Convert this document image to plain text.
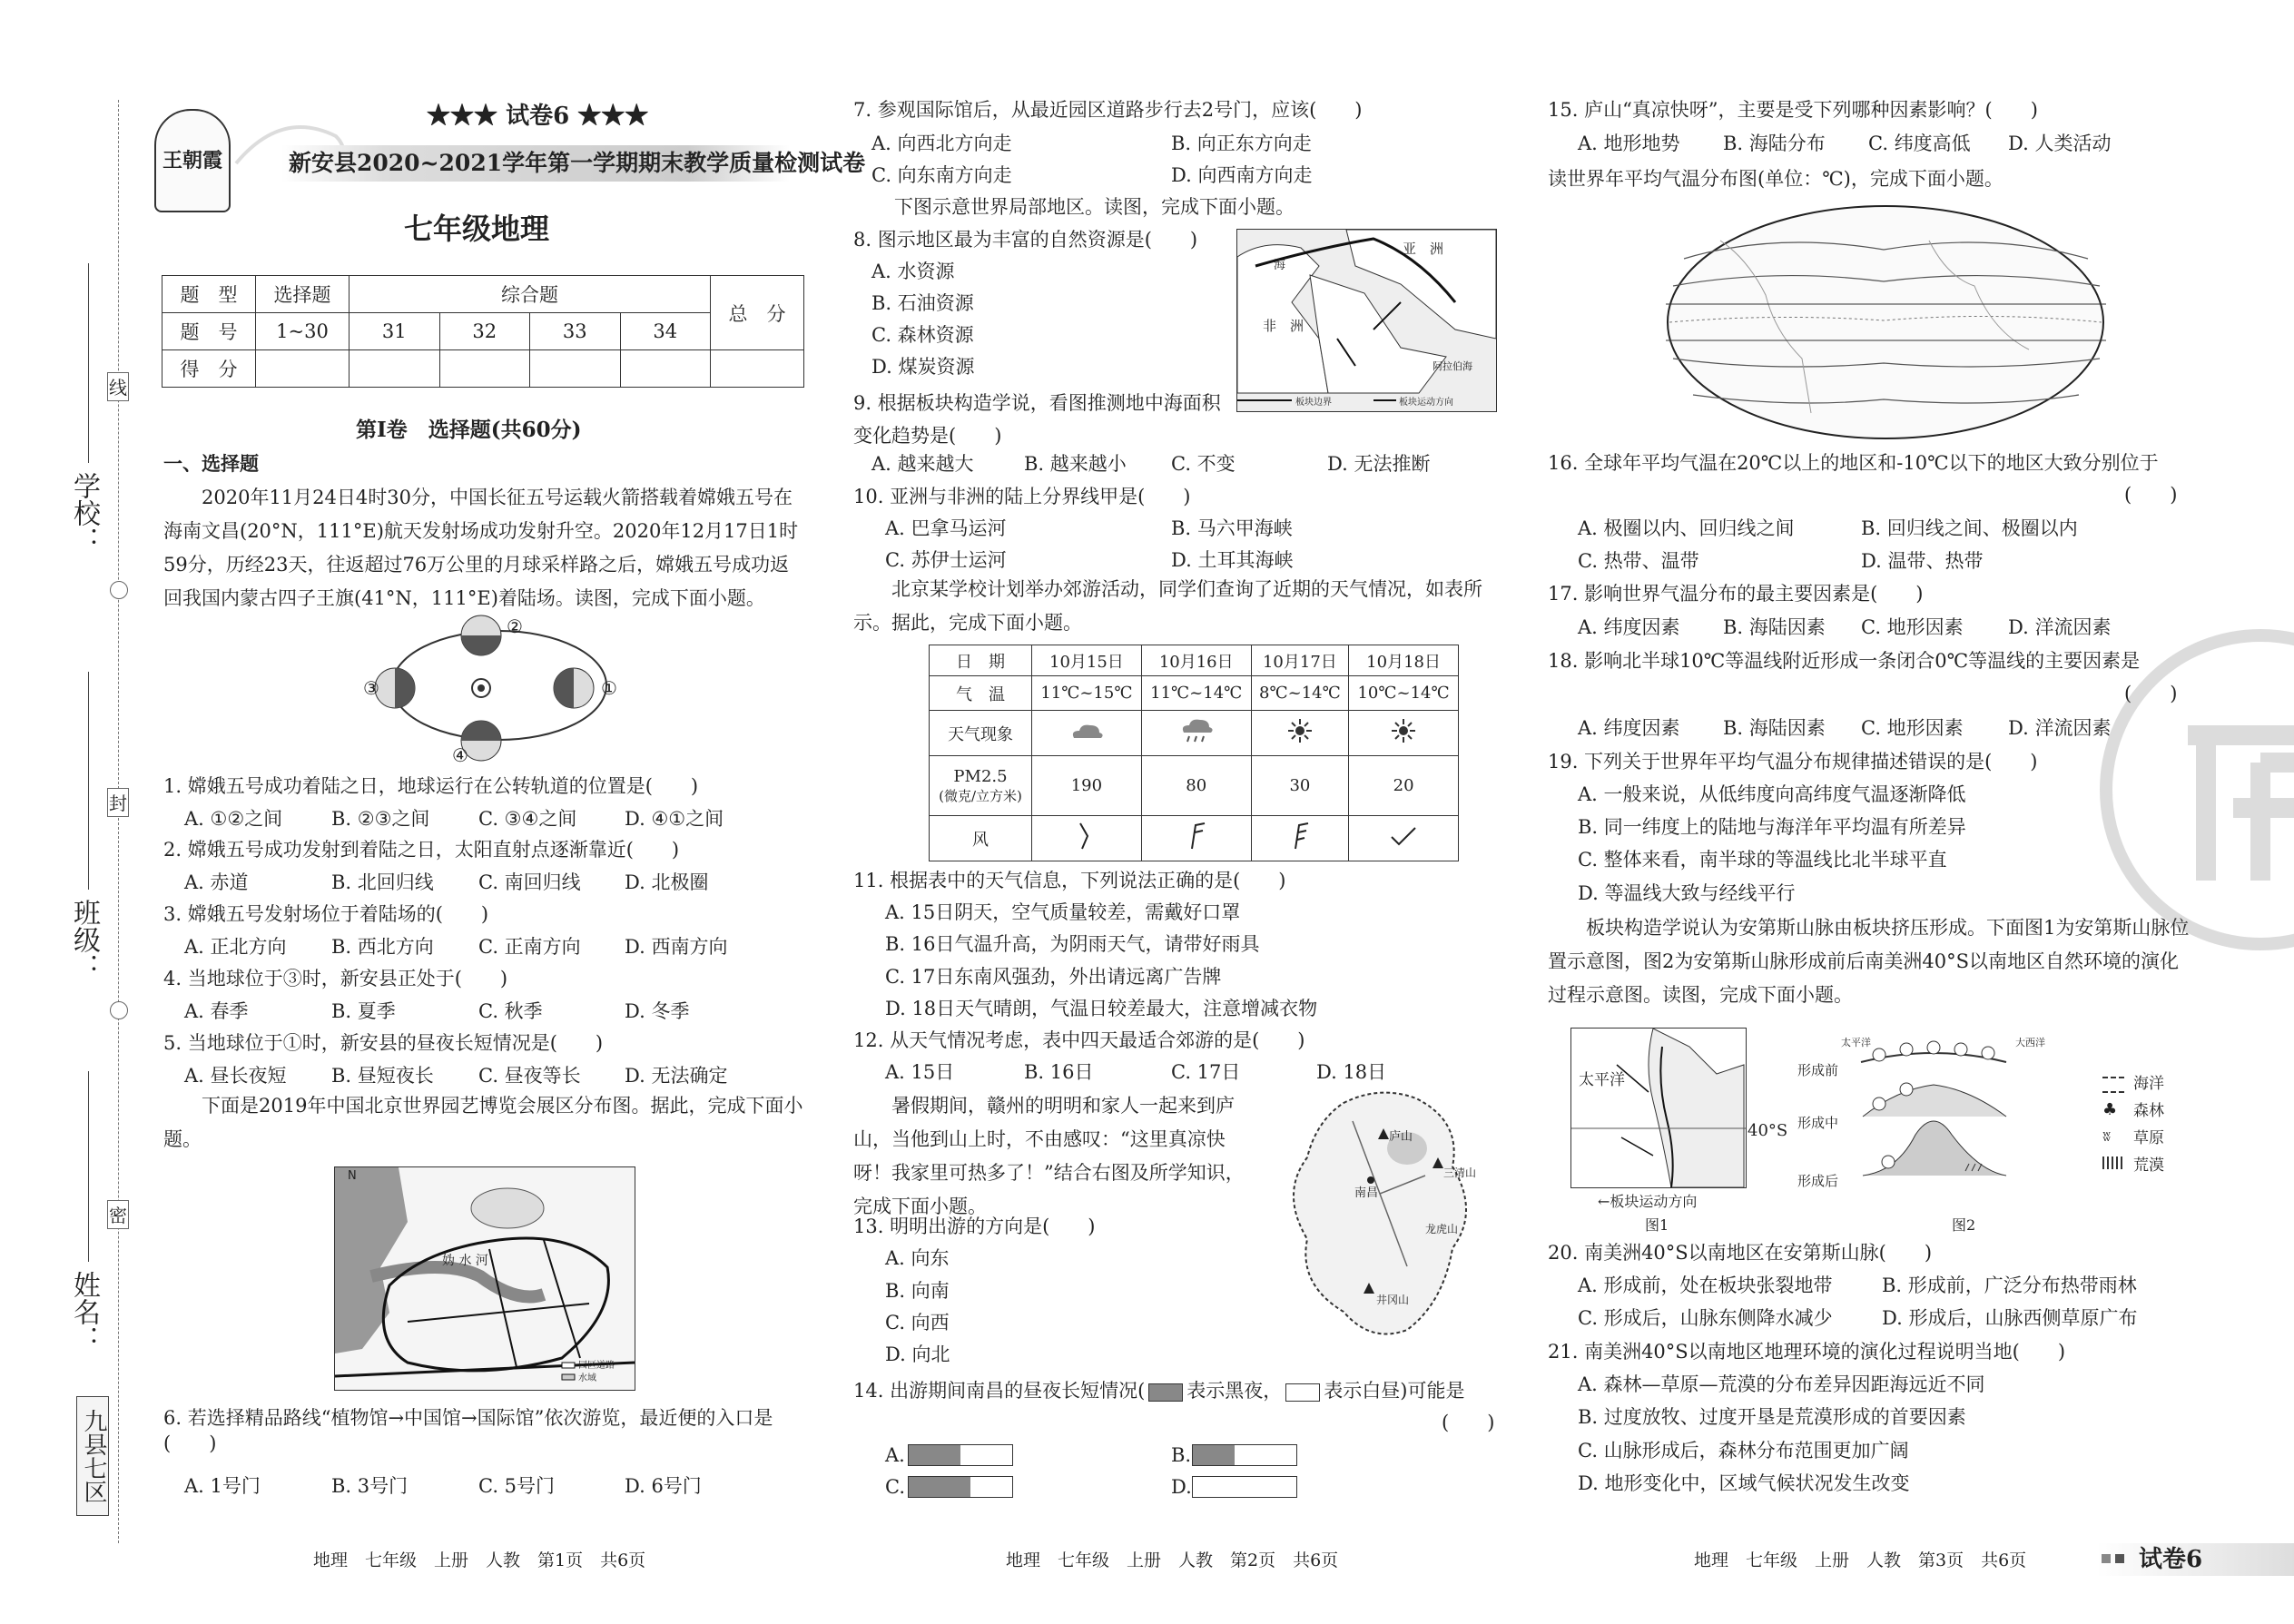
线
封
密
学校：
班级：
姓名：
九县七区
王朝霞
★★★ 试卷6 ★★★
新安县2020~2021学年第一学期期末教学质量检测试卷
七年级地理
题　型	选择题	综合题				总　分
题　号	1~30	31	32	33	34	
得　分						
第Ⅰ卷　选择题(共60分)
一、选择题
2020年11月24日4时30分，中国长征五号运载火箭搭载着嫦娥五号在海南文昌(20°N，111°E)航天发射场成功发射升空。2020年12月17日1时59分，历经23天，往返超过76万公里的月球采样路之后，嫦娥五号成功返回我国内蒙古四子王旗(41°N，111°E)着陆场。读图，完成下面小题。
②
①
③
④
1. 嫦娥五号成功着陆之日，地球运行在公转轨道的位置是(　　)
A. ①②之间	B. ②③之间	C. ③④之间	D. ④①之间
2. 嫦娥五号成功发射到着陆之日，太阳直射点逐渐靠近(　　)
A. 赤道	B. 北回归线 C. 南回归线 D. 北极圈
3. 嫦娥五号发射场位于着陆场的(　　)
A. 正北方向 B. 西北方向 C. 正南方向 D. 西南方向
4. 当地球位于③时，新安县正处于(　　)
A. 春季	B. 夏季	C. 秋季	D. 冬季
5. 当地球位于①时，新安县的昼夜长短情况是(　　)
A. 昼长夜短 B. 昼短夜长 C. 昼夜等长 D. 无法确定
下面是2019年中国北京世界园艺博览会展区分布图。据此，完成下面小题。
N
妫 水 河
园区道路
水域
6. 若选择精品路线“植物馆→中国馆→国际馆”依次游览，最近便的入口是(　　)
A. 1号门	B. 3号门	C. 5号门	D. 6号门
地理　七年级　上册　人教　第1页　共6页
7. 参观国际馆后，从最近园区道路步行去2号门，应该(　　)
A. 向西北方向走	B. 向正东方向走
C. 向东南方向走	D. 向西南方向走
下图示意世界局部地区。读图，完成下面小题。
亚　洲
非　洲
海
阿拉伯海
板块边界	板块运动方向
8. 图示地区最为丰富的自然资源是(　　)
A. 水资源
B. 石油资源
C. 森林资源
D. 煤炭资源
9. 根据板块构造学说，看图推测地中海面积变化趋势是(　　)
A. 越来越大	B. 越来越小 C. 不变	D. 无法推断
10. 亚洲与非洲的陆上分界线甲是(　　)
A. 巴拿马运河	B. 马六甲海峡
C. 苏伊士运河	D. 土耳其海峡
北京某学校计划举办郊游活动，同学们查询了近期的天气情况，如表所示。据此，完成下面小题。
日　期	10月15日	10月16日	10月17日	10月18日
气　温	11℃~15℃	11℃~14℃	8℃~14℃	10℃~14℃
天气现象				

PM2.5
(微克/立方米)	190	80	30	20
风				
11. 根据表中的天气信息，下列说法正确的是(　　)
A. 15日阴天，空气质量较差，需戴好口罩
B. 16日气温升高，为阴雨天气，请带好雨具
C. 17日东南风强劲，外出请远离广告牌
D. 18日天气晴朗，气温日较差最大，注意增减衣物
12. 从天气情况考虑，表中四天最适合郊游的是(　　)
A. 15日	B. 16日	C. 17日	D. 18日
暑假期间，赣州的明明和家人一起来到庐山，当他到山上时，不由感叹：“这里真凉快呀！我家里可热多了！”结合右图及所学知识，完成下面小题。
庐山
南昌
三清山
龙虎山
井冈山
13. 明明出游的方向是(　　)
A. 向东
B. 向南
C. 向西
D. 向北
14. 出游期间南昌的昼夜长短情况( 表示黑夜， 表示白昼)可能是
(　　)
A.	B.
C.	D.
地理　七年级　上册　人教　第2页　共6页
15. 庐山“真凉快呀”，主要是受下列哪种因素影响？(　　)
A. 地形地势 B. 海陆分布 C. 纬度高低 D. 人类活动
读世界年平均气温分布图(单位：℃)，完成下面小题。
16. 全球年平均气温在20℃以上的地区和-10℃以下的地区大致分别位于
(　　)
A. 极圈以内、回归线之间	B. 回归线之间、极圈以内
C. 热带、温带	D. 温带、热带
17. 影响世界气温分布的最主要因素是(　　)
A. 纬度因素 B. 海陆因素 C. 地形因素 D. 洋流因素
18. 影响北半球10℃等温线附近形成一条闭合0℃等温线的主要因素是
(　　)
A. 纬度因素 B. 海陆因素 C. 地形因素 D. 洋流因素
19. 下列关于世界年平均气温分布规律描述错误的是(　　)
A. 一般来说，从低纬度向高纬度气温逐渐降低
B. 同一纬度上的陆地与海洋年平均温有所差异
C. 整体来看，南半球的等温线比北半球平直
D. 等温线大致与经线平行
板块构造学说认为安第斯山脉由板块挤压形成。下面图1为安第斯山脉位置示意图，图2为安第斯山脉形成前后南美洲40°S以南地区自然环境的演化过程示意图。读图，完成下面小题。
太平洋
40°S
←板块运动方向
图1
形成前
形成中
形成后
太平洋	大西洋
图2
海洋
森林
草原
荒漠
♣
ʬ
20. 南美洲40°S以南地区在安第斯山脉(　　)
A. 形成前，处在板块张裂地带	B. 形成前，广泛分布热带雨林
C. 形成后，山脉东侧降水减少	D. 形成后，山脉西侧草原广布
21. 南美洲40°S以南地区地理环境的演化过程说明当地(　　)
A. 森林—草原—荒漠的分布差异因距海远近不同
B. 过度放牧、过度开垦是荒漠形成的首要因素
C. 山脉形成后，森林分布范围更加广阔
D. 地形变化中，区域气候状况发生改变
地理　七年级　上册　人教　第3页　共6页	试卷6
